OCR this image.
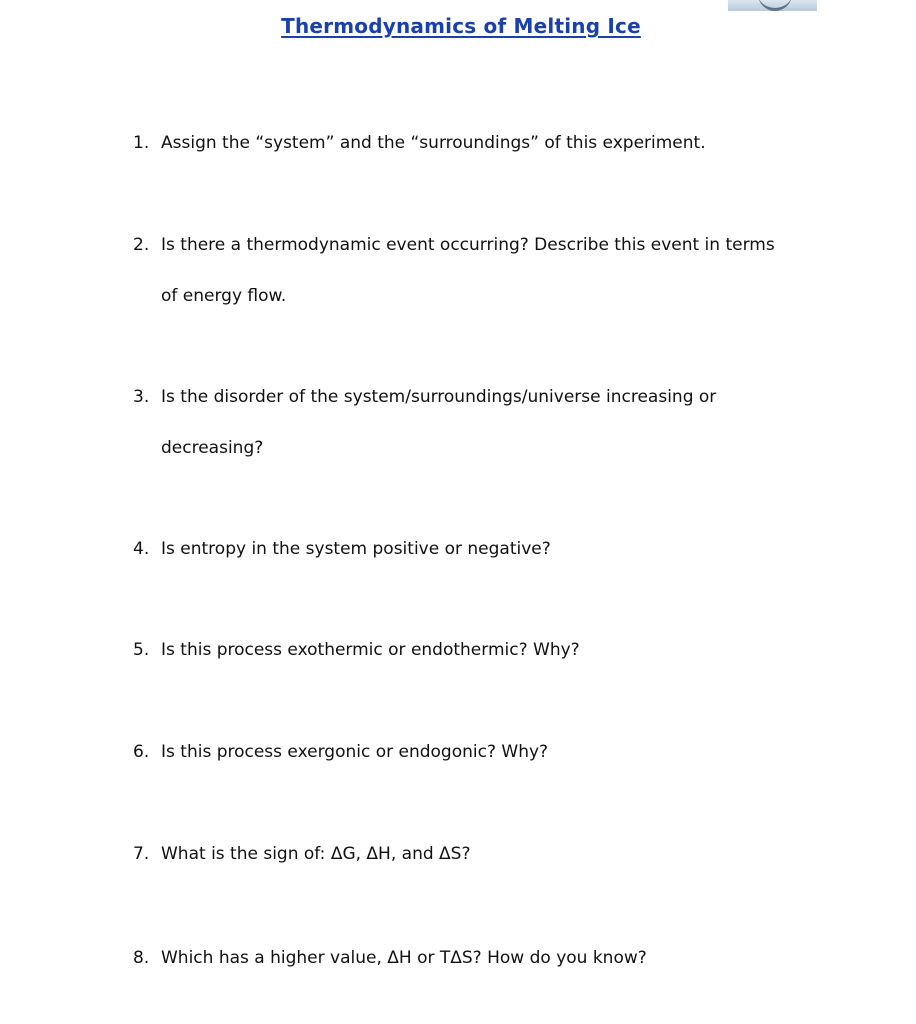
Thermodynamics of Melting Ice
1. Assign the “system” and the “surroundings” of this experiment.
2. Is there a thermodynamic event occurring? Describe this event in terms
of energy flow.
3. Is the disorder of the system/surroundings/universe increasing or
decreasing?
4. Is entropy in the system positive or negative?
5. Is this process exothermic or endothermic? Why?
6. Is this process exergonic or endogonic? Why?
7. What is the sign of: ΔG, ΔH, and ΔS?
8. Which has a higher value, ΔH or TΔS? How do you know?
